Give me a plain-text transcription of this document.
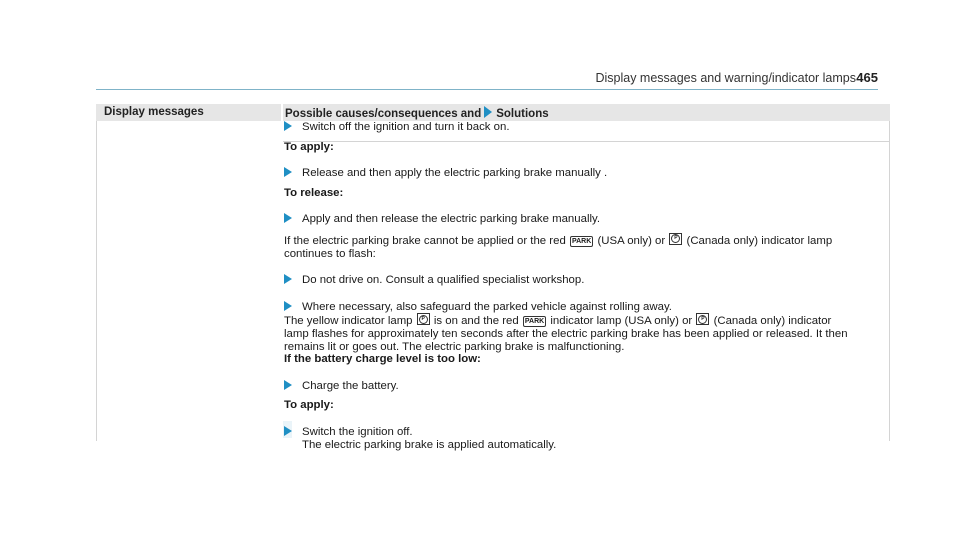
Display messages and warning/indicator lamps 465
Display messages	Possible causes/consequences and Solutions
Switch off the ignition and turn it back on.
To apply:
Release and then apply the electric parking brake manually .
To release:
Apply and then release the electric parking brake manually.
If the electric parking brake cannot be applied or the red PARK (USA only) or	P (Canada only) indicator lamp
continues to flash:
Do not drive on. Consult a qualified specialist workshop.
Where necessary, also safeguard the parked vehicle against rolling away.
The yellow indicator lamp	P is on and the red PARK indicator lamp (USA only) or	P (Canada only) indicator
lamp flashes for approximately ten seconds after the electric parking brake has been applied or released. It then
remains lit or goes out. The electric parking brake is malfunctioning.
If the battery charge level is too low:
Charge the battery.
To apply:
Switch the ignition off.
The electric parking brake is applied automatically.
